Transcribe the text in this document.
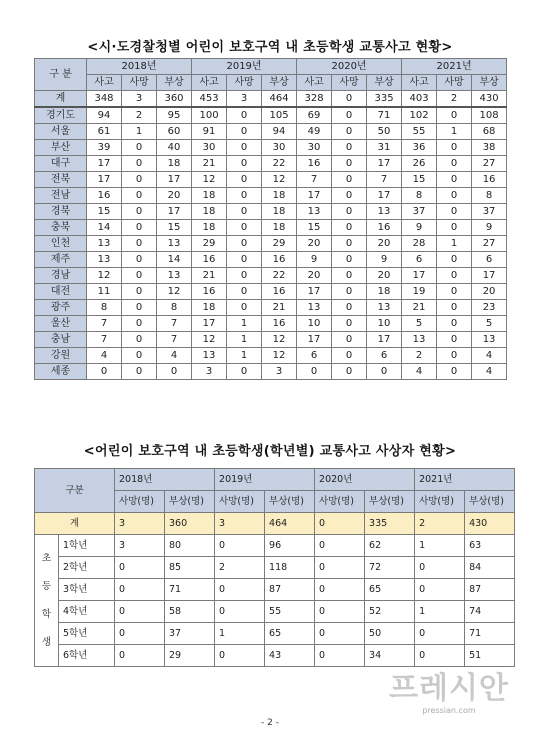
<시·도경찰청별 어린이 보호구역 내 초등학생 교통사고 현황>
구 분	2018년			2019년			2020년			2021년		
	사고	사망	부상	사고	사망	부상	사고	사망	부상	사고	사망	부상
계	348	3	360	453	3	464	328	0	335	403	2	430
경기도	94	2	95	100	0	105	69	0	71	102	0	108
서울	61	1	60	91	0	94	49	0	50	55	1	68
부산	39	0	40	30	0	30	30	0	31	36	0	38
대구	17	0	18	21	0	22	16	0	17	26	0	27
전북	17	0	17	12	0	12	7	0	7	15	0	16
전남	16	0	20	18	0	18	17	0	17	8	0	8
경북	15	0	17	18	0	18	13	0	13	37	0	37
충북	14	0	15	18	0	18	15	0	16	9	0	9
인천	13	0	13	29	0	29	20	0	20	28	1	27
제주	13	0	14	16	0	16	9	0	9	6	0	6
경남	12	0	13	21	0	22	20	0	20	17	0	17
대전	11	0	12	16	0	16	17	0	18	19	0	20
광주	8	0	8	18	0	21	13	0	13	21	0	23
울산	7	0	7	17	1	16	10	0	10	5	0	5
충남	7	0	7	12	1	12	17	0	17	13	0	13
강원	4	0	4	13	1	12	6	0	6	2	0	4
세종	0	0	0	3	0	3	0	0	0	4	0	4
<어린이 보호구역 내 초등학생(학년별) 교통사고 사상자 현황>
구분		2018년		2019년		2020년		2021년	
		사망(명)	부상(명)	사망(명)	부상(명)	사망(명)	부상(명)	사망(명)	부상(명)
계		3	360	3	464	0	335	2	430

초
등
학
생	1학년	3	80	0	96	0	62	1	63
	2학년	0	85	2	118	0	72	0	84
	3학년	0	71	0	87	0	65	0	87
	4학년	0	58	0	55	0	52	1	74
	5학년	0	37	1	65	0	50	0	71
	6학년	0	29	0	43	0	34	0	51
프레시안
pressian.com
- 2 -
